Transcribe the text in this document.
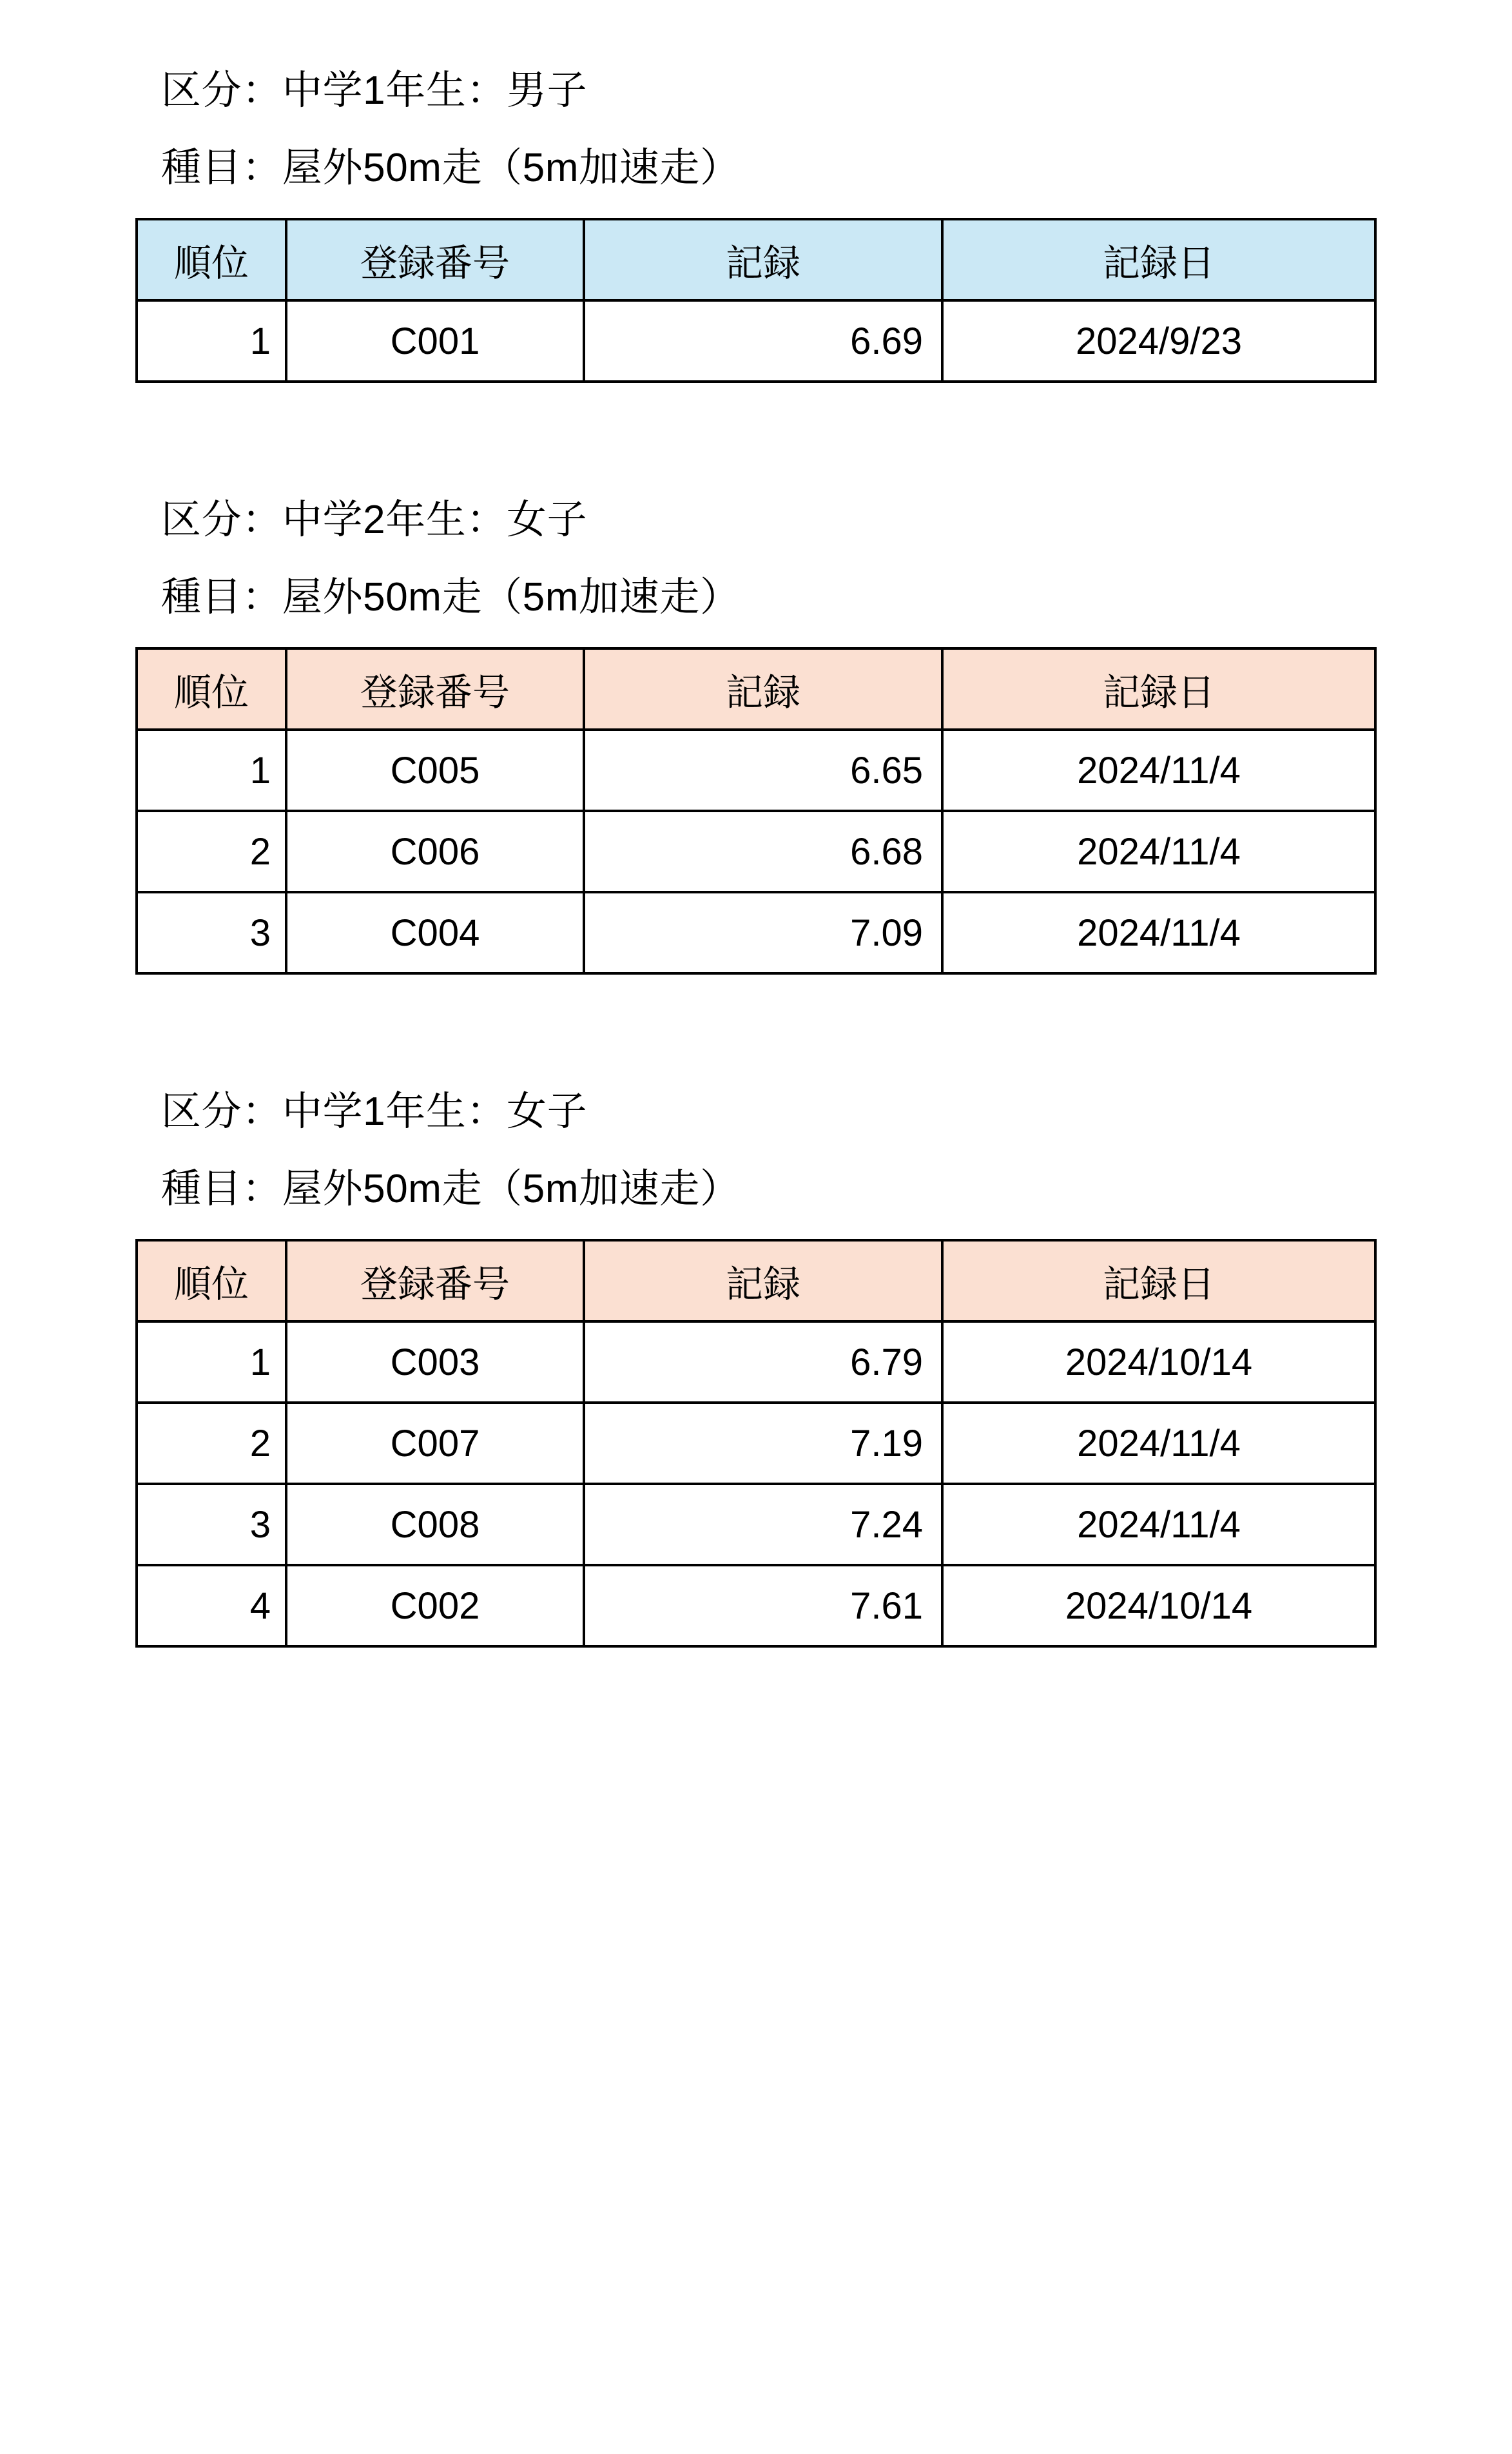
区分：中学1年生：男子
種目：屋外50m走（5m加速走）
順位	登録番号	記録	記録日
1	C001	6.69	2024/9/23
区分：中学2年生：女子
種目：屋外50m走（5m加速走）
順位	登録番号	記録	記録日
1	C005	6.65	2024/11/4
2	C006	6.68	2024/11/4
3	C004	7.09	2024/11/4
区分：中学1年生：女子
種目：屋外50m走（5m加速走）
順位	登録番号	記録	記録日
1	C003	6.79	2024/10/14
2	C007	7.19	2024/11/4
3	C008	7.24	2024/11/4
4	C002	7.61	2024/10/14
